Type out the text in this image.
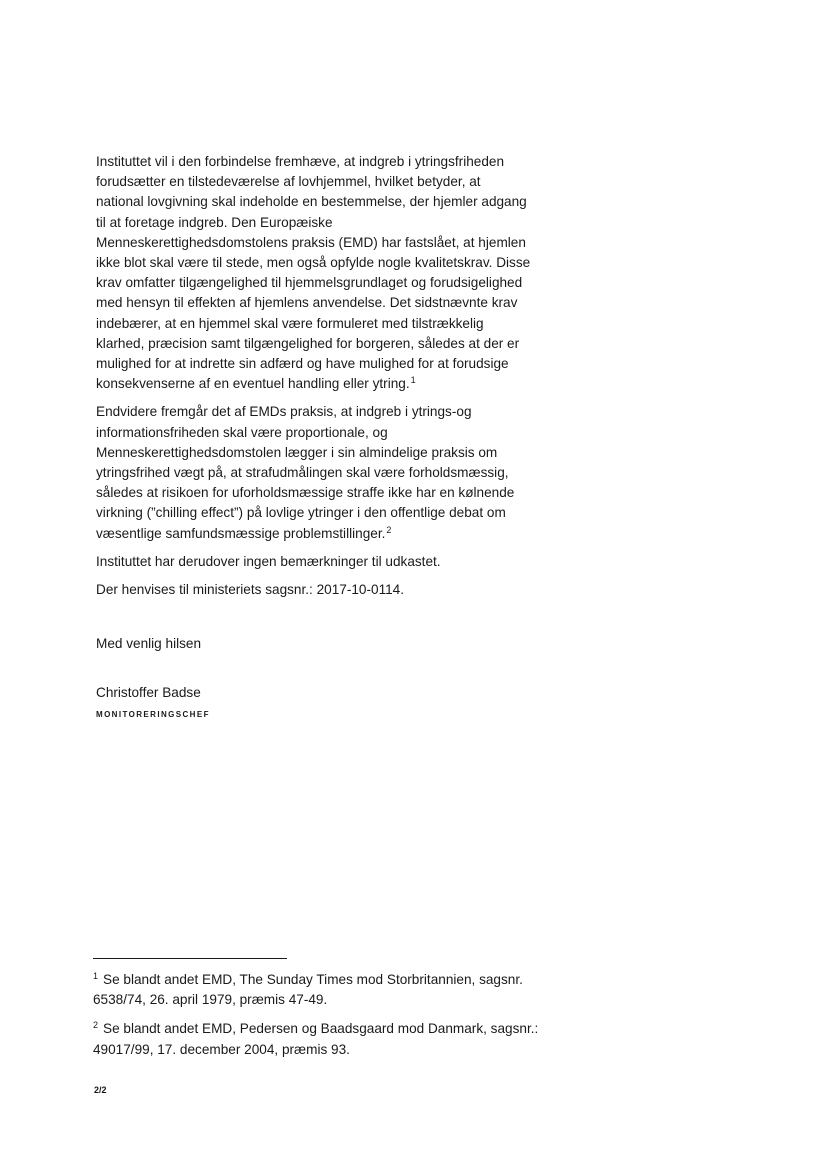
Instituttet vil i den forbindelse fremhæve, at indgreb i ytringsfriheden
forudsætter en tilstedeværelse af lovhjemmel, hvilket betyder, at
national lovgivning skal indeholde en bestemmelse, der hjemler adgang
til at foretage indgreb. Den Europæiske
Menneskerettighedsdomstolens praksis (EMD) har fastslået, at hjemlen
ikke blot skal være til stede, men også opfylde nogle kvalitetskrav. Disse
krav omfatter tilgængelighed til hjemmelsgrundlaget og forudsigelighed
med hensyn til effekten af hjemlens anvendelse. Det sidstnævnte krav
indebærer, at en hjemmel skal være formuleret med tilstrækkelig
klarhed, præcision samt tilgængelighed for borgeren, således at der er
mulighed for at indrette sin adfærd og have mulighed for at forudsige
konsekvenserne af en eventuel handling eller ytring.$^1$

Endvidere fremgår det af EMDs praksis, at indgreb i ytrings-og
informationsfriheden skal være proportionale, og
Menneskerettighedsdomstolen lægger i sin almindelige praksis om
ytringsfrihed vægt på, at strafudmålingen skal være forholdsmæssig,
således at risikoen for uforholdsmæssige straffe ikke har en kølnende
virkning (”chilling effect”) på lovlige ytringer i den offentlige debat om
væsentlige samfundsmæssige problemstillinger.$^2$

Instituttet har derudover ingen bemærkninger til udkastet.

Der henvises til ministeriets sagsnr.: 2017-10-0114.

Med venlig hilsen
Christoffer Badse
MONITORERINGSCHEF
$^1$ Se blandt andet EMD, The Sunday Times mod Storbritannien, sagsnr.
6538/74, 26. april 1979, præmis 47-49.
$^2$ Se blandt andet EMD, Pedersen og Baadsgaard mod Danmark, sagsnr.:
49017/99, 17. december 2004, præmis 93.
2/2
